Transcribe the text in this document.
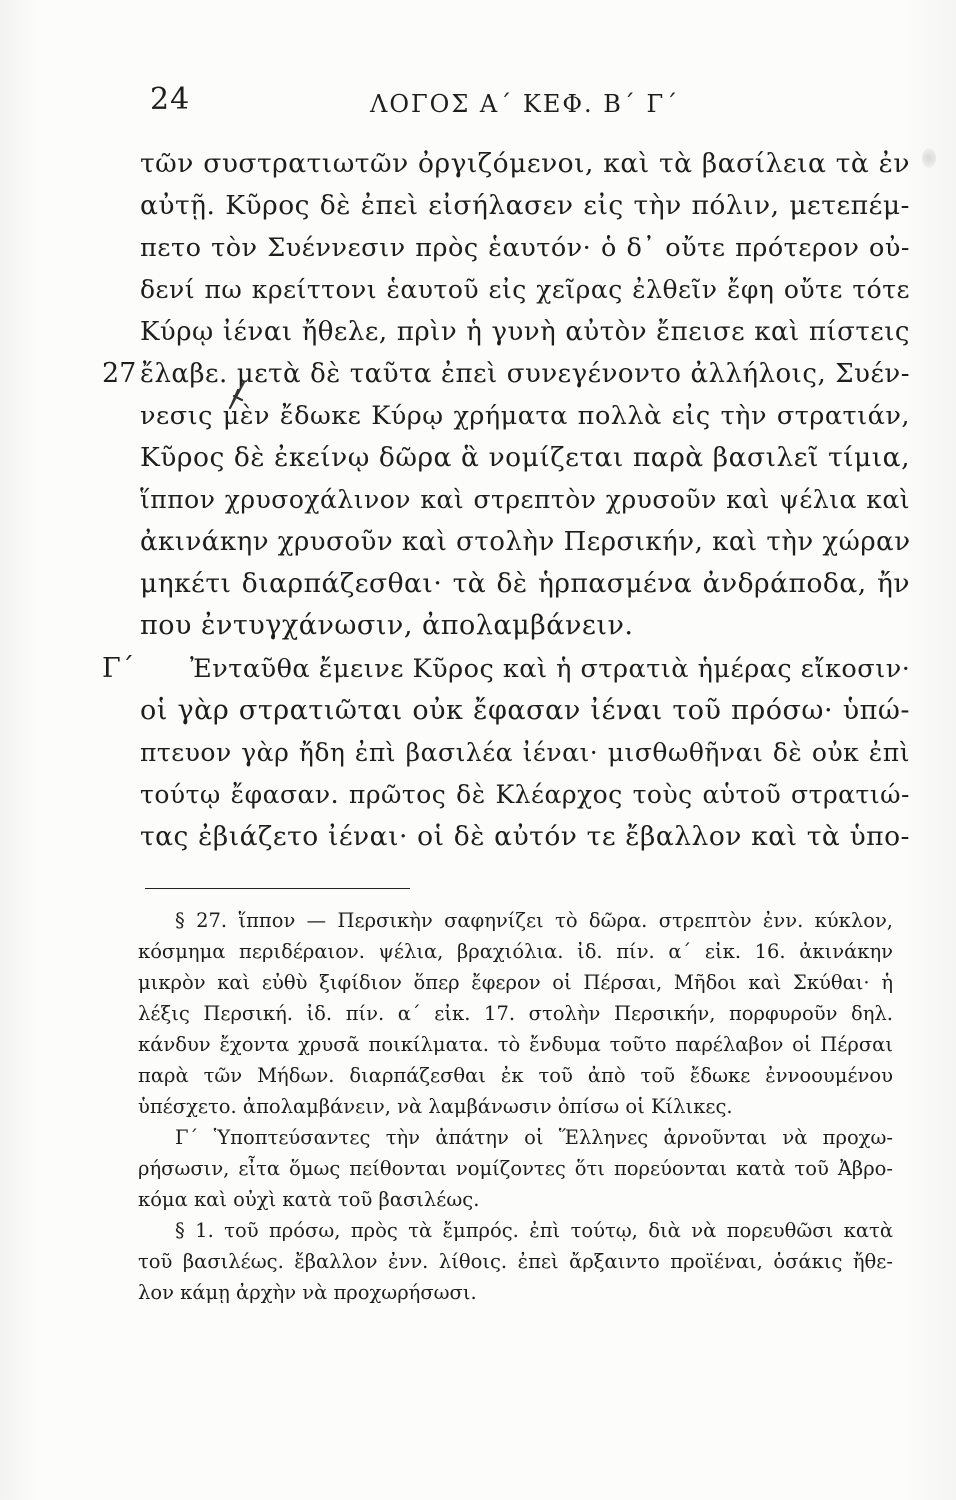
24	ΛΟΓΟΣ Α΄ ΚΕΦ. Β΄ Γ΄
τῶν συστρατιωτῶν ὀργιζόμενοι, καὶ τὰ βασίλεια τὰ ἐν
αὐτῇ. Κῦρος δὲ ἐπεὶ εἰσήλασεν εἰς τὴν πόλιν, μετεπέμ-
πετο τὸν Συέννεσιν πρὸς ἑαυτόν· ὁ δ᾽ οὔτε πρότερον οὐ-
δενί πω κρείττονι ἑαυτοῦ εἰς χεῖρας ἐλθεῖν ἔφη οὔτε τότε
Κύρῳ ἰέναι ἤθελε, πρὶν ἡ γυνὴ αὐτὸν ἔπεισε καὶ πίστεις
27 ἔλαβε. μετὰ δὲ ταῦτα ἐπεὶ συνεγένοντο ἀλλήλοις, Συέν-
νεσις μὲν ἔδωκε Κύρῳ χρήματα πολλὰ εἰς τὴν στρατιάν,
Κῦρος δὲ ἐκείνῳ δῶρα ἃ νομίζεται παρὰ βασιλεῖ τίμια,
ἵππον χρυσοχάλινον καὶ στρεπτὸν χρυσοῦν καὶ ψέλια καὶ
ἀκινάκην χρυσοῦν καὶ στολὴν Περσικήν, καὶ τὴν χώραν
μηκέτι διαρπάζεσθαι· τὰ δὲ ἡρπασμένα ἀνδράποδα, ἤν
που ἐντυγχάνωσιν, ἀπολαμβάνειν.
Γ΄ Ἐνταῦθα ἔμεινε Κῦρος καὶ ἡ στρατιὰ ἡμέρας εἴκοσιν·
οἱ γὰρ στρατιῶται οὐκ ἔφασαν ἰέναι τοῦ πρόσω· ὑπώ-
πτευον γὰρ ἤδη ἐπὶ βασιλέα ἰέναι· μισθωθῆναι δὲ οὐκ ἐπὶ
τούτῳ ἔφασαν. πρῶτος δὲ Κλέαρχος τοὺς αὑτοῦ στρατιώ-
τας ἐβιάζετο ἰέναι· οἱ δὲ αὐτόν τε ἔβαλλον καὶ τὰ ὑπο-
§ 27. ἵππον — Περσικὴν σαφηνίζει τὸ δῶρα. στρεπτὸν ἐνν. κύκλον,
κόσμημα περιδέραιον. ψέλια, βραχιόλια. ἰδ. πίν. α΄ εἰκ. 16. ἀκινάκην
μικρὸν καὶ εὐθὺ ξιφίδιον ὅπερ ἔφερον οἱ Πέρσαι, Μῆδοι καὶ Σκύθαι· ἡ
λέξις Περσική. ἰδ. πίν. α΄ εἰκ. 17. στολὴν Περσικήν, πορφυροῦν δηλ.
κάνδυν ἔχοντα χρυσᾶ ποικίλματα. τὸ ἔνδυμα τοῦτο παρέλαβον οἱ Πέρσαι
παρὰ τῶν Μήδων. διαρπάζεσθαι ἐκ τοῦ ἀπὸ τοῦ ἔδωκε ἐννοουμένου
ὑπέσχετο. ἀπολαμβάνειν, νὰ λαμβάνωσιν ὀπίσω οἱ Κίλικες.
Γ΄ Ὑποπτεύσαντες τὴν ἀπάτην οἱ Ἕλληνες ἀρνοῦνται νὰ προχω-
ρήσωσιν, εἶτα ὅμως πείθονται νομίζοντες ὅτι πορεύονται κατὰ τοῦ Ἀβρο-
κόμα καὶ οὐχὶ κατὰ τοῦ βασιλέως.
§ 1. τοῦ πρόσω, πρὸς τὰ ἔμπρός. ἐπὶ τούτῳ, διὰ νὰ πορευθῶσι κατὰ
τοῦ βασιλέως. ἔβαλλον ἐνν. λίθοις. ἐπεὶ ἄρξαιντο προϊέναι, ὁσάκις ἤθε-
λον κάμῃ ἀρχὴν νὰ προχωρήσωσι.
